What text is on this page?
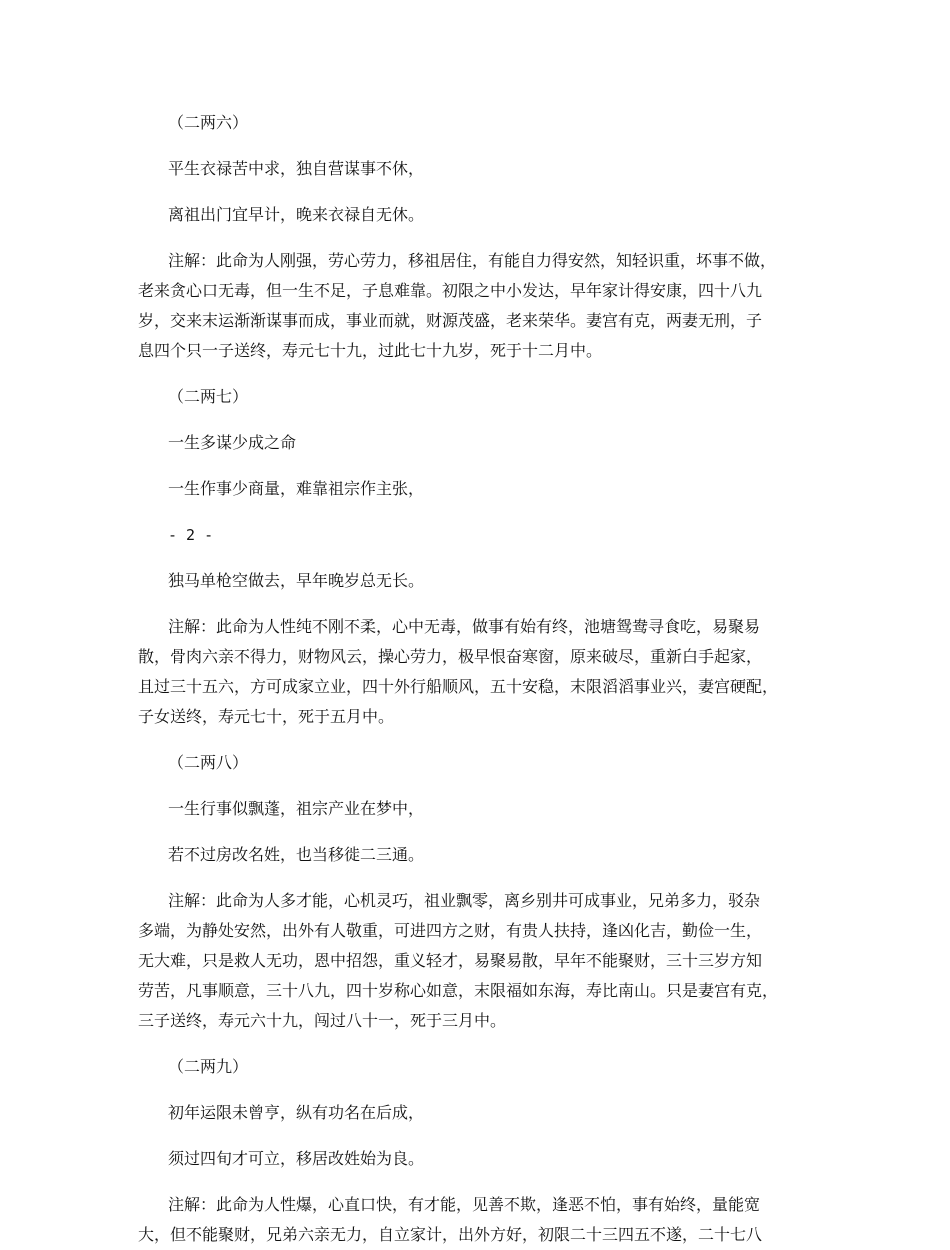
（二两六）

平生衣禄苦中求，独自营谋事不休，

离祖出门宜早计，晚来衣禄自无休。

注解：此命为人刚强，劳心劳力，移祖居住，有能自力得安然，知轻识重，坏事不做，
老来贪心口无毒，但一生不足，子息难靠。初限之中小发达，早年家计得安康，四十八九
岁，交来末运渐渐谋事而成，事业而就，财源茂盛，老来荣华。妻宫有克，两妻无刑，子
息四个只一子送终，寿元七十九，过此七十九岁，死于十二月中。

（二两七）

一生多谋少成之命

一生作事少商量，难靠祖宗作主张，

- 2 -

独马单枪空做去，早年晚岁总无长。

注解：此命为人性纯不刚不柔，心中无毒，做事有始有终，池塘鸳鸯寻食吃，易聚易
散，骨肉六亲不得力，财物风云，操心劳力，极早恨奋寒窗，原来破尽，重新白手起家，
且过三十五六，方可成家立业，四十外行船顺风，五十安稳，末限滔滔事业兴，妻宫硬配，
子女送终，寿元七十，死于五月中。

（二两八）

一生行事似飘蓬，祖宗产业在梦中，

若不过房改名姓，也当移徙二三通。

注解：此命为人多才能，心机灵巧，祖业飘零，离乡别井可成事业，兄弟多力，驳杂
多端，为静处安然，出外有人敬重，可进四方之财，有贵人扶持，逢凶化吉，勤俭一生，
无大难，只是救人无功，恩中招怨，重义轻才，易聚易散，早年不能聚财，三十三岁方知
劳苦，凡事顺意，三十八九，四十岁称心如意，末限福如东海，寿比南山。只是妻宫有克，
三子送终，寿元六十九，闯过八十一，死于三月中。

（二两九）

初年运限未曾亨，纵有功名在后成，

须过四旬才可立，移居改姓始为良。

注解：此命为人性爆，心直口快，有才能，见善不欺，逢恶不怕，事有始终，量能宽
大，但不能聚财，兄弟六亲无力，自立家计，出外方好，初限二十三四五不遂，二十七八
